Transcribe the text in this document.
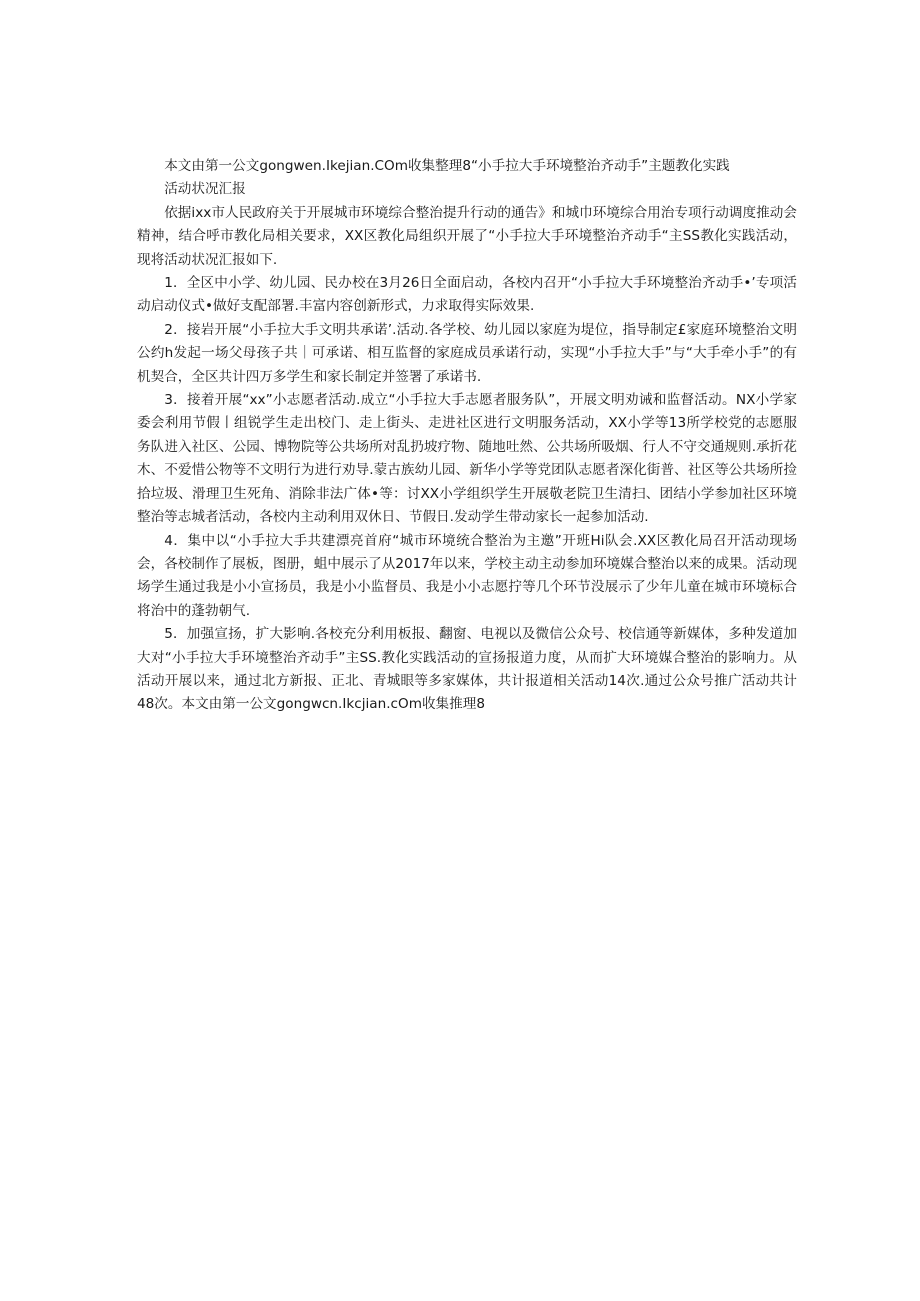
本文由第一公文gongwen.Ikejian.COm收集整理8“小手拉大手环境整治齐动手”主题教化实践

活动状况汇报

依据ixx市人民政府关于开展城市环境综合整治提升行动的通告》和城巾环境综合用治专项行动调度推动会精神，结合呼市教化局相关要求，XX区教化局组织开展了“小手拉大手环境整治齐动手“主SS教化实践活动，现将活动状况汇报如下.

1．全区中小学、幼儿园、民办校在3月26日全面启动，各校内召开“小手拉大手环境整治齐动手•’专项活动启动仪式•做好支配部署.丰富内容创新形式，力求取得实际效果.

2．接岩开展“小手拉大手文明共承诺’.活动.各学校、幼儿园以家庭为堤位，指导制定£家庭环境整治文明公约h发起一场父母孩子共｜可承诺、相互监督的家庭成员承诺行动，实现“小手拉大手”与“大手牵小手”的有机契合，全区共计四万多学生和家长制定并签署了承诺书.

3．接着开展“xx”小志愿者活动.成立“小手拉大手志愿者服务队”，开展文明劝诫和监督活动。NX小学家委会利用节假丨组锐学生走出校门、走上街头、走进社区进行文明服务活动，XX小学等13所学校党的志愿服务队进入社区、公园、博物院等公共场所对乱扔坡疗物、随地吐然、公共场所吸烟、行人不守交通规则.承折花木、不爱惜公物等不文明行为进行劝导.蒙古族幼儿园、新华小学等党团队志愿者深化街普、社区等公共场所捡拾垃圾、滑理卫生死角、消除非法广体•等：讨XX小学组织学生开展敬老院卫生清扫、团结小学参加社区环境整治等志城者活动，各校内主动利用双休日、节假日.发动学生带动家长一起参加活动.

4．集中以“小手拉大手共建漂亮首府“城市环境统合整治为主邀”开班Hi队会.XX区教化局召开活动现场会，各校制作了展板，图册，蛆中展示了从2017年以来，学校主动主动参加环境媒合整治以来的成果。活动现场学生通过我是小小宣扬员，我是小小监督员、我是小小志愿拧等几个环节没展示了少年儿童在城市环境标合将治中的蓬勃朝气.

5．加强宣扬，扩大影响.各校充分利用板报、翻窗、电视以及微信公众号、校信通等新媒体，多种发道加大对“小手拉大手环境整治齐动手”主SS.教化实践活动的宣扬报道力度，从而扩大环境媒合整治的影响力。从活动开展以来，通过北方新报、正北、青城眼等多家媒体，共计报道相关活动14次.通过公众号推广活动共计48次。本文由第一公文gongwcn.Ikcjian.cOm收集推理8
